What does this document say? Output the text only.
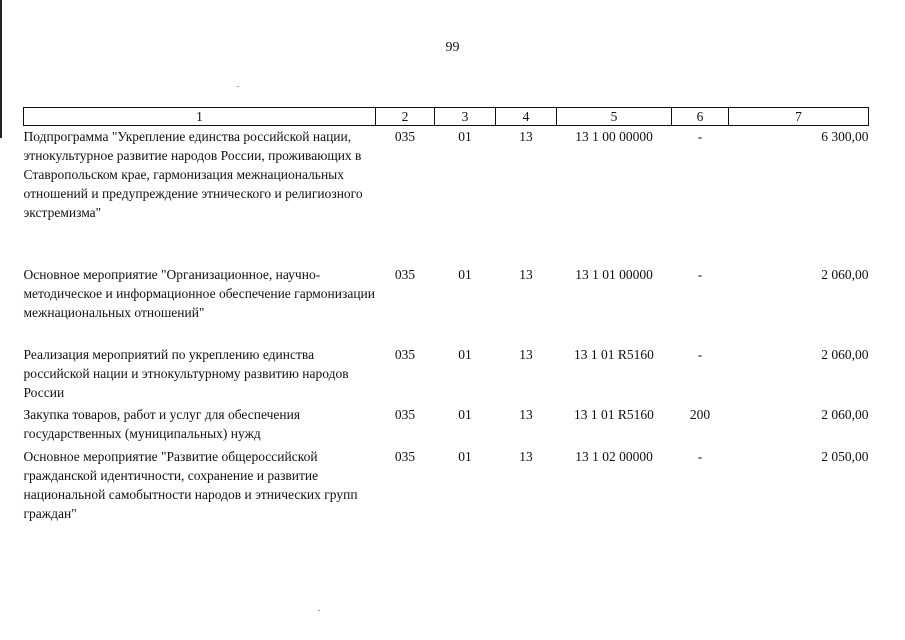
99
1	2	3	4	5	6	7
Подпрограмма "Укрепление единства российской нации, этнокультурное развитие народов России, проживающих в Ставропольском крае, гармонизация межнациональных отношений и предупреждение этнического и религиозного экстремизма"	035	01	13	13 1 00 00000	-	6 300,00
Основное мероприятие "Организационное, научно-методическое и информационное обеспечение гармонизации межнациональных отношений"	035	01	13	13 1 01 00000	-	2 060,00
Реализация мероприятий по укреплению единства российской нации и этнокультурному развитию народов России	035	01	13	13 1 01 R5160	-	2 060,00
Закупка товаров, работ и услуг для обеспечения государственных (муниципальных) нужд	035	01	13	13 1 01 R5160	200	2 060,00
Основное мероприятие "Развитие общероссийской гражданской идентичности, сохранение и развитие национальной самобытности народов и этнических групп граждан"	035	01	13	13 1 02 00000	-	2 050,00
